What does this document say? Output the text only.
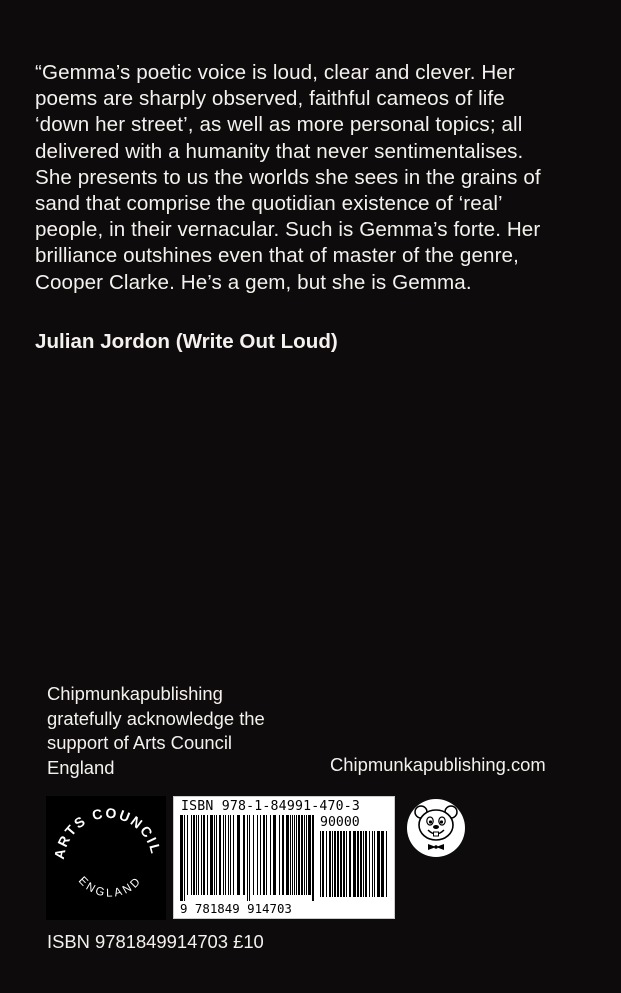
“Gemma’s poetic voice is loud, clear and clever. Her
poems are sharply observed, faithful cameos of life
‘down her street’, as well as more personal topics; all
delivered with a humanity that never sentimentalises.
She presents to us the worlds she sees in the grains of
sand that comprise the quotidian existence of ‘real’
people, in their vernacular. Such is Gemma’s forte. Her
brilliance outshines even that of master of the genre,
Cooper Clarke. He’s a gem, but she is Gemma.
Julian Jordon (Write Out Loud)
Chipmunkapublishing
gratefully acknowledge the
support of Arts Council
England	Chipmunkapublishing.com
ARTS COUNCIL
ENGLAND
ISBN 978-1-84991-470-3
90000
9 781849 914703
ISBN 9781849914703 £10
